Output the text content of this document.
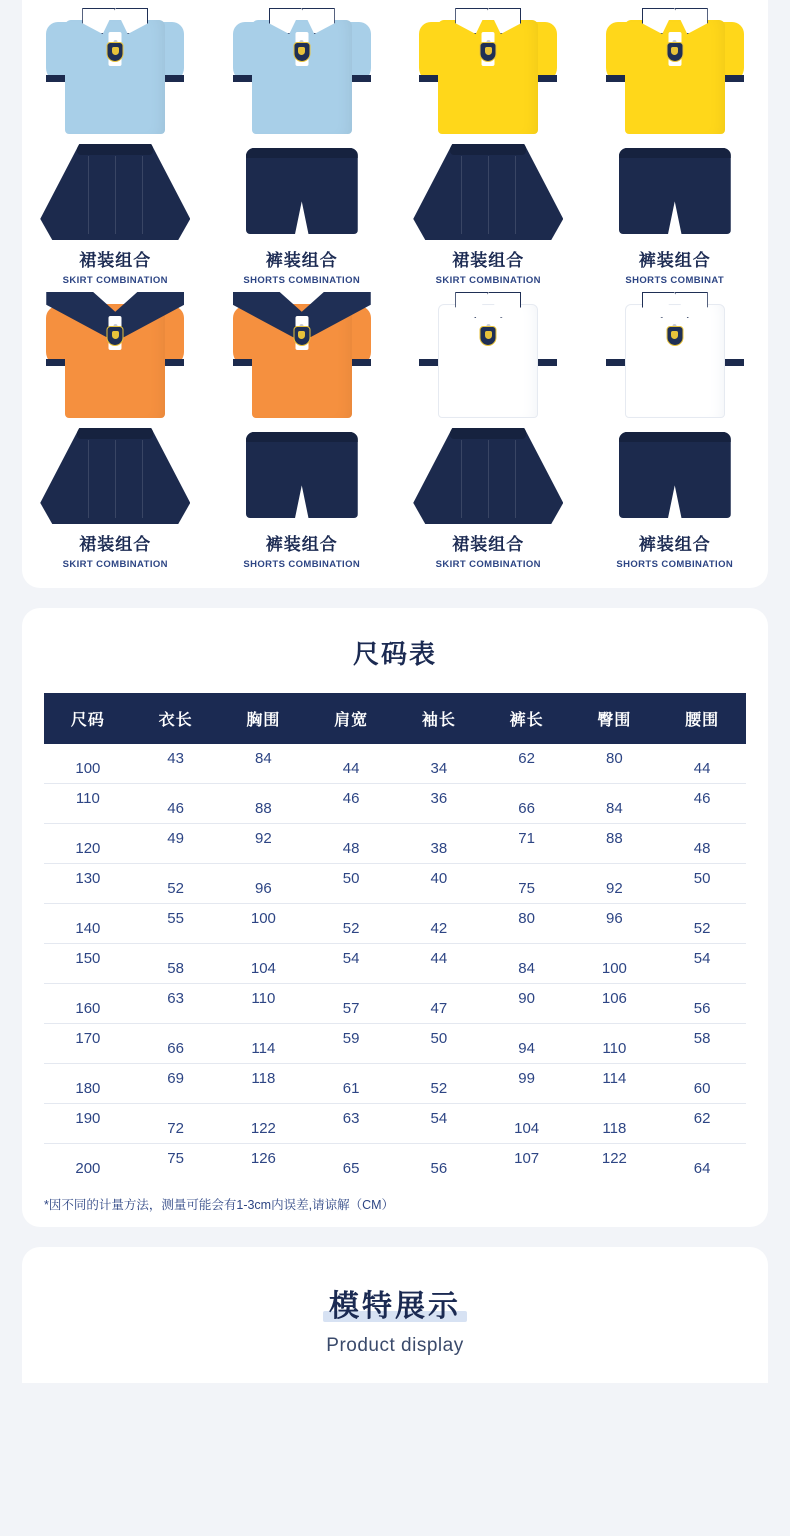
裙装组合
SKIRT COMBINATION
裤装组合
SHORTS COMBINATION
裙装组合
SKIRT COMBINATION
裤装组合
SHORTS COMBINAT
裙装组合
SKIRT COMBINATION
裤装组合
SHORTS COMBINATION
裙装组合
SKIRT COMBINATION
裤装组合
SHORTS COMBINATION
尺码表
尺码	衣长	胸围	肩宽	袖长	裤长	臀围	腰围
100	43	84	44	34	62	80	44
110	46	88	46	36	66	84	46
120	49	92	48	38	71	88	48
130	52	96	50	40	75	92	50
140	55	100	52	42	80	96	52
150	58	104	54	44	84	100	54
160	63	110	57	47	90	106	56
170	66	114	59	50	94	110	58
180	69	118	61	52	99	114	60
190	72	122	63	54	104	118	62
200	75	126	65	56	107	122	64
*因不同的计量方法，测量可能会有1-3cm内误差,请谅解（CM）
模特展示
Product display
